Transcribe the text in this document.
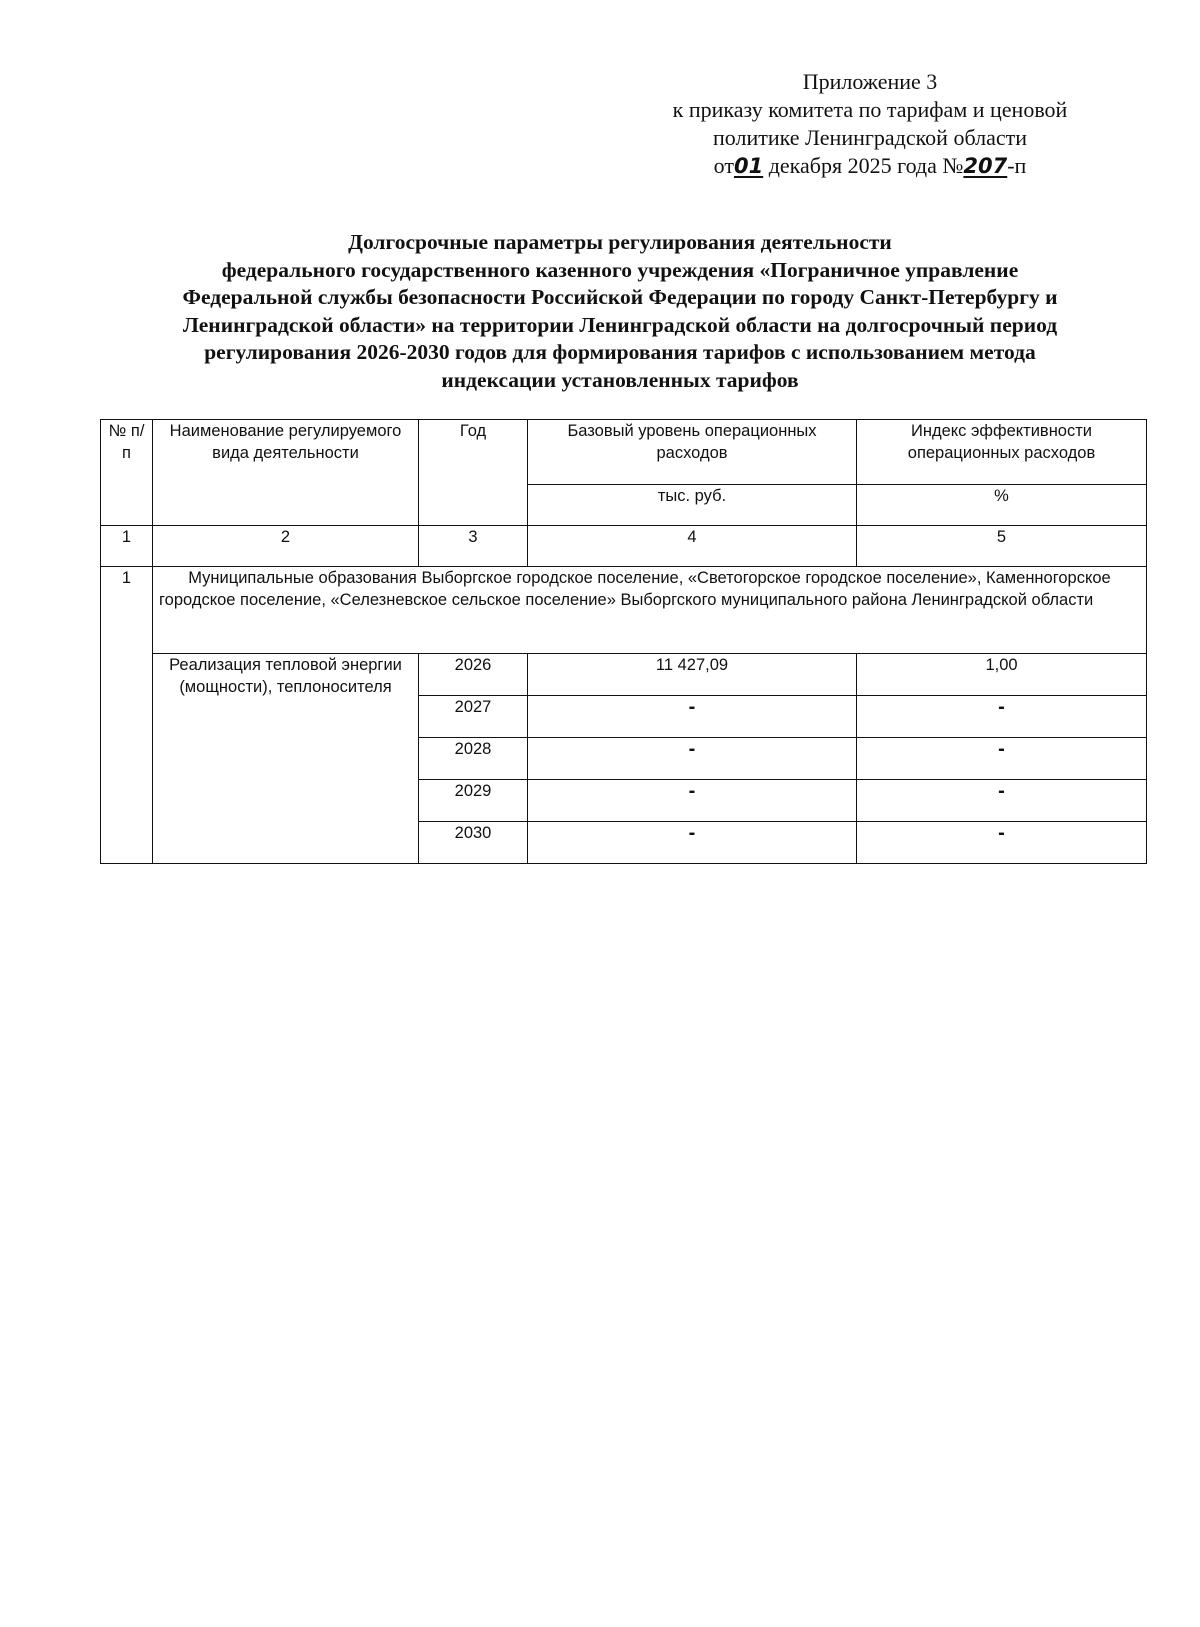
Приложение 3
к приказу комитета по тарифам и ценовой
политике Ленинградской области
от01 декабря 2025 года №207-п
Долгосрочные параметры регулирования деятельности
федерального государственного казенного учреждения «Пограничное управление
Федеральной службы безопасности Российской Федерации по городу Санкт-Петербургу и
Ленинградской области» на территории Ленинградской области на долгосрочный период
регулирования 2026-2030 годов для формирования тарифов с использованием метода
индексации установленных тарифов
№ п/п	Наименование регулируемого вида деятельности	Год	Базовый уровень операционных расходов	Индекс эффективности операционных расходов
			тыс. руб.	%
1	2	3	4	5
1	Муниципальные образования Выборгское городское поселение, «Светогорское городское поселение», Каменногорское городское поселение, «Селезневское сельское поселение» Выборгского муниципального района Ленинградской области			
	Реализация тепловой энергии (мощности), теплоносителя	2026	11 427,09	1,00
		2027	-	-
		2028	-	-
		2029	-	-
		2030	-	-
